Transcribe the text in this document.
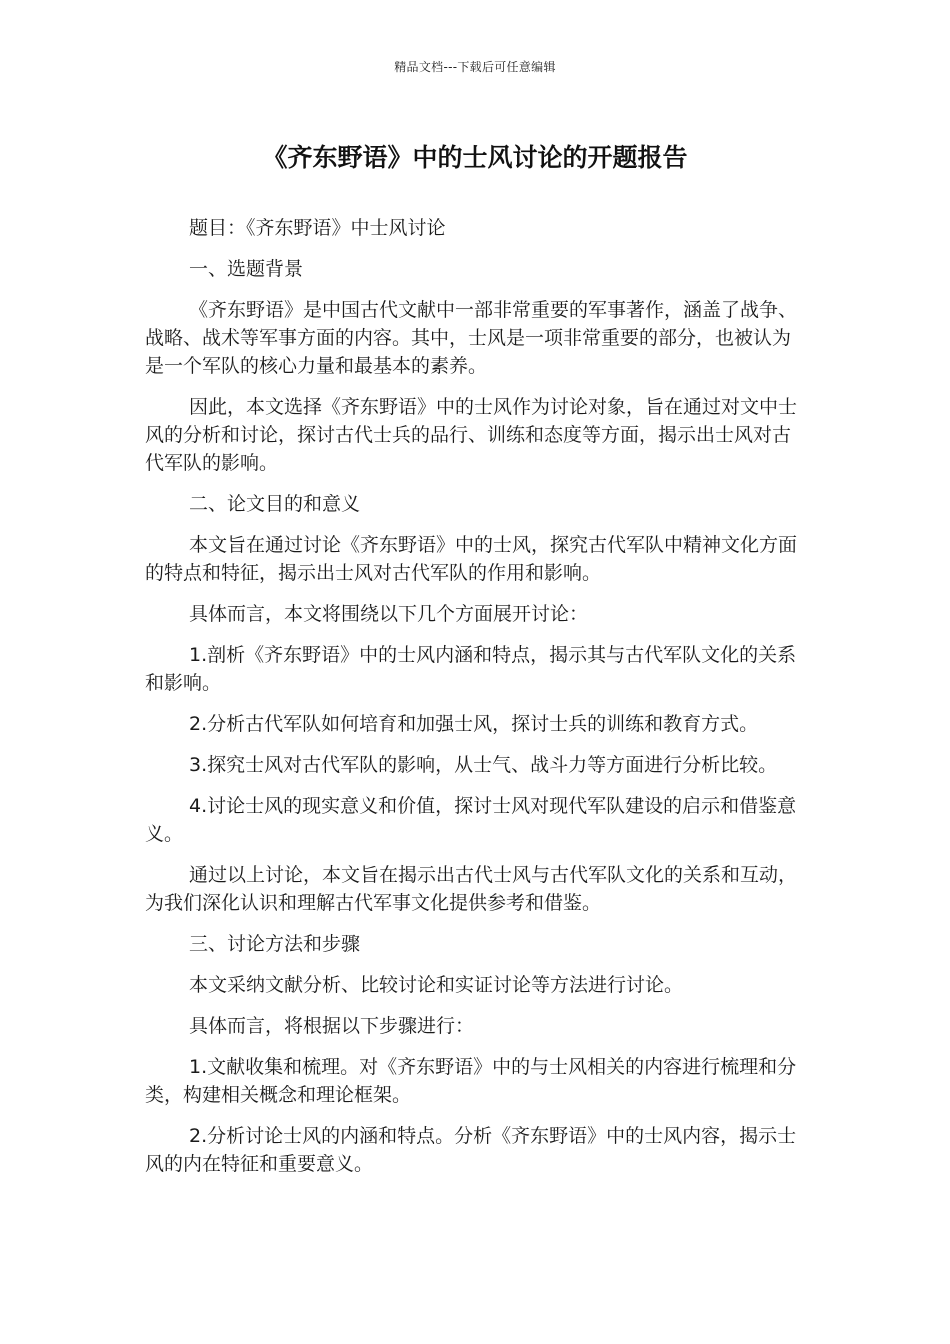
精品文档---下载后可任意编辑
《齐东野语》中的士风讨论的开题报告

题目：《齐东野语》中士风讨论

一、选题背景

《齐东野语》是中国古代文献中一部非常重要的军事著作，涵盖了战争、战略、战术等军事方面的内容。其中，士风是一项非常重要的部分，也被认为是一个军队的核心力量和最基本的素养。

因此，本文选择《齐东野语》中的士风作为讨论对象，旨在通过对文中士风的分析和讨论，探讨古代士兵的品行、训练和态度等方面，揭示出士风对古代军队的影响。

二、论文目的和意义

本文旨在通过讨论《齐东野语》中的士风，探究古代军队中精神文化方面的特点和特征，揭示出士风对古代军队的作用和影响。

具体而言，本文将围绕以下几个方面展开讨论：

1.剖析《齐东野语》中的士风内涵和特点，揭示其与古代军队文化的关系和影响。

2.分析古代军队如何培育和加强士风，探讨士兵的训练和教育方式。

3.探究士风对古代军队的影响，从士气、战斗力等方面进行分析比较。

4.讨论士风的现实意义和价值，探讨士风对现代军队建设的启示和借鉴意义。

通过以上讨论，本文旨在揭示出古代士风与古代军队文化的关系和互动，为我们深化认识和理解古代军事文化提供参考和借鉴。

三、讨论方法和步骤

本文采纳文献分析、比较讨论和实证讨论等方法进行讨论。

具体而言，将根据以下步骤进行：

1.文献收集和梳理。对《齐东野语》中的与士风相关的内容进行梳理和分类，构建相关概念和理论框架。

2.分析讨论士风的内涵和特点。分析《齐东野语》中的士风内容，揭示士风的内在特征和重要意义。
